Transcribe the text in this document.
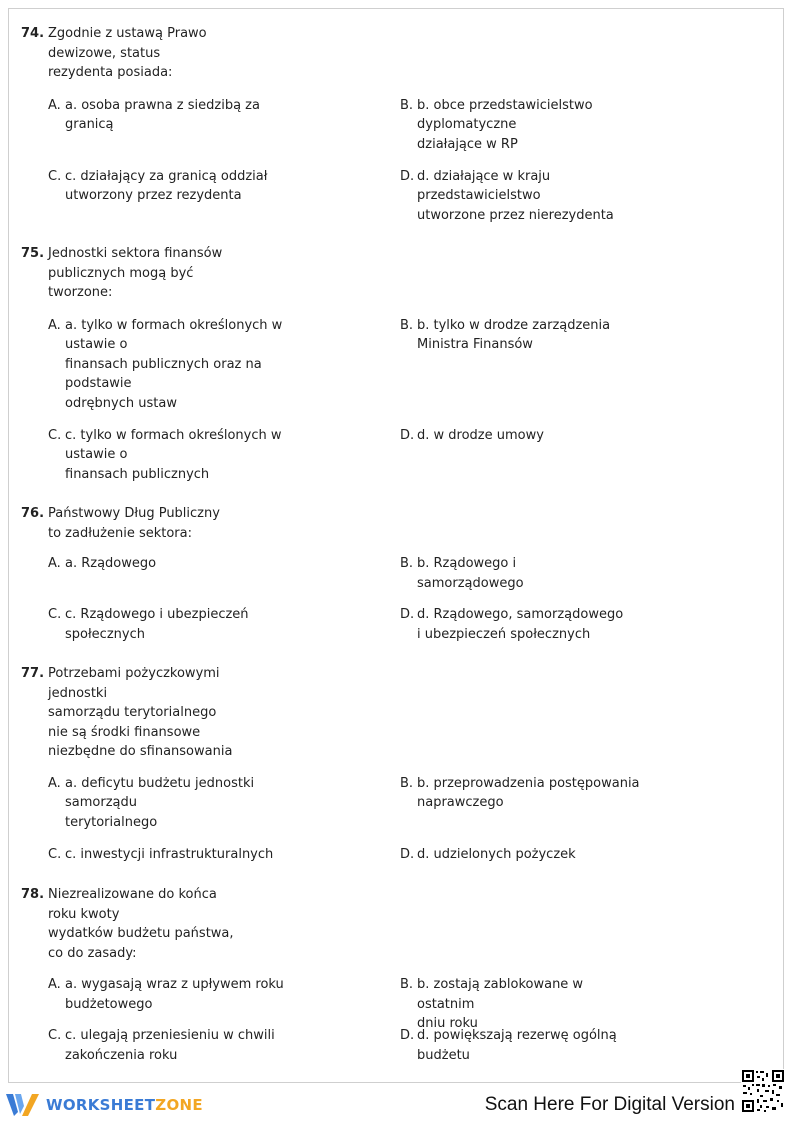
74. Zgodnie z ustawą Prawo
dewizowe, status
rezydenta posiada:
A. a. osoba prawna z siedzibą za
granicą
B. b. obce przedstawicielstwo
dyplomatyczne
działające w RP
C. c. działający za granicą oddział
utworzony przez rezydenta
D. d. działające w kraju
przedstawicielstwo
utworzone przez nierezydenta
75. Jednostki sektora finansów
publicznych mogą być
tworzone:
A. a. tylko w formach określonych w
ustawie o
finansach publicznych oraz na
podstawie
odrębnych ustaw
B. b. tylko w drodze zarządzenia
Ministra Finansów
C. c. tylko w formach określonych w
ustawie o
finansach publicznych
D. d. w drodze umowy
76. Państwowy Dług Publiczny
to zadłużenie sektora:
A. a. Rządowego	B. b. Rządowego i
samorządowego
C. c. Rządowego i ubezpieczeń
społecznych
D. d. Rządowego, samorządowego
i ubezpieczeń społecznych
77. Potrzebami pożyczkowymi
jednostki
samorządu terytorialnego
nie są środki finansowe
niezbędne do sfinansowania
A. a. deficytu budżetu jednostki
samorządu
terytorialnego
B. b. przeprowadzenia postępowania
naprawczego
C. c. inwestycji infrastrukturalnych	D. d. udzielonych pożyczek
78. Niezrealizowane do końca
roku kwoty
wydatków budżetu państwa,
co do zasady:
A. a. wygasają wraz z upływem roku
budżetowego
B. b. zostają zablokowane w ostatnim
dniu roku
C. c. ulegają przeniesieniu w chwili
zakończenia roku
D. d. powiększają rezerwę ogólną
budżetu
WORKSHEETZONE	Scan Here For Digital Version
